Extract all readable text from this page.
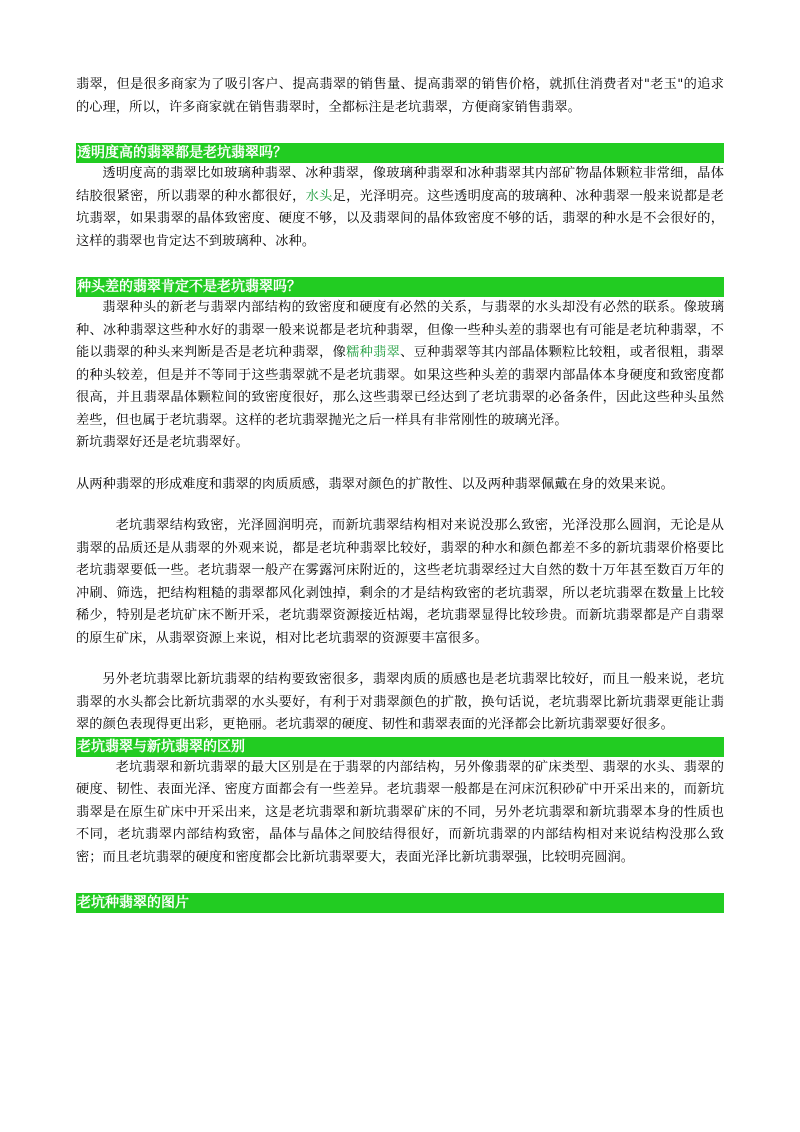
翡翠，但是很多商家为了吸引客户、提高翡翠的销售量、提高翡翠的销售价格，就抓住消费者对"老玉"的追求的心理，所以，许多商家就在销售翡翠时，全都标注是老坑翡翠，方便商家销售翡翠。

透明度高的翡翠都是老坑翡翠吗？

透明度高的翡翠比如玻璃种翡翠、冰种翡翠，像玻璃种翡翠和冰种翡翠其内部矿物晶体颗粒非常细，晶体结胶很紧密，所以翡翠的种水都很好，水头足，光泽明亮。这些透明度高的玻璃种、冰种翡翠一般来说都是老坑翡翠，如果翡翠的晶体致密度、硬度不够，以及翡翠间的晶体致密度不够的话，翡翠的种水是不会很好的，这样的翡翠也肯定达不到玻璃种、冰种。

种头差的翡翠肯定不是老坑翡翠吗？

翡翠种头的新老与翡翠内部结构的致密度和硬度有必然的关系，与翡翠的水头却没有必然的联系。像玻璃种、冰种翡翠这些种水好的翡翠一般来说都是老坑种翡翠，但像一些种头差的翡翠也有可能是老坑种翡翠，不能以翡翠的种头来判断是否是老坑种翡翠，像糯种翡翠、豆种翡翠等其内部晶体颗粒比较粗，或者很粗，翡翠的种头较差，但是并不等同于这些翡翠就不是老坑翡翠。如果这些种头差的翡翠内部晶体本身硬度和致密度都很高，并且翡翠晶体颗粒间的致密度很好，那么这些翡翠已经达到了老坑翡翠的必备条件，因此这些种头虽然差些，但也属于老坑翡翠。这样的老坑翡翠抛光之后一样具有非常刚性的玻璃光泽。

新坑翡翠好还是老坑翡翠好。

从两种翡翠的形成难度和翡翠的肉质质感，翡翠对颜色的扩散性、以及两种翡翠佩戴在身的效果来说。

老坑翡翠结构致密，光泽圆润明亮，而新坑翡翠结构相对来说没那么致密，光泽没那么圆润，无论是从翡翠的品质还是从翡翠的外观来说，都是老坑种翡翠比较好，翡翠的种水和颜色都差不多的新坑翡翠价格要比老坑翡翠要低一些。老坑翡翠一般产在雾露河床附近的，这些老坑翡翠经过大自然的数十万年甚至数百万年的冲刷、筛选，把结构粗糙的翡翠都风化剥蚀掉，剩余的才是结构致密的老坑翡翠，所以老坑翡翠在数量上比较稀少，特别是老坑矿床不断开采，老坑翡翠资源接近枯竭，老坑翡翠显得比较珍贵。而新坑翡翠都是产自翡翠的原生矿床，从翡翠资源上来说，相对比老坑翡翠的资源要丰富很多。

另外老坑翡翠比新坑翡翠的结构要致密很多，翡翠肉质的质感也是老坑翡翠比较好，而且一般来说，老坑翡翠的水头都会比新坑翡翠的水头要好，有利于对翡翠颜色的扩散，换句话说，老坑翡翠比新坑翡翠更能让翡翠的颜色表现得更出彩，更艳丽。老坑翡翠的硬度、韧性和翡翠表面的光泽都会比新坑翡翠要好很多。

老坑翡翠与新坑翡翠的区别

老坑翡翠和新坑翡翠的最大区别是在于翡翠的内部结构，另外像翡翠的矿床类型、翡翠的水头、翡翠的硬度、韧性、表面光泽、密度方面都会有一些差异。老坑翡翠一般都是在河床沉积砂矿中开采出来的，而新坑翡翠是在原生矿床中开采出来，这是老坑翡翠和新坑翡翠矿床的不同，另外老坑翡翠和新坑翡翠本身的性质也不同，老坑翡翠内部结构致密，晶体与晶体之间胶结得很好，而新坑翡翠的内部结构相对来说结构没那么致密；而且老坑翡翠的硬度和密度都会比新坑翡翠要大，表面光泽比新坑翡翠强，比较明亮圆润。

老坑种翡翠的图片
